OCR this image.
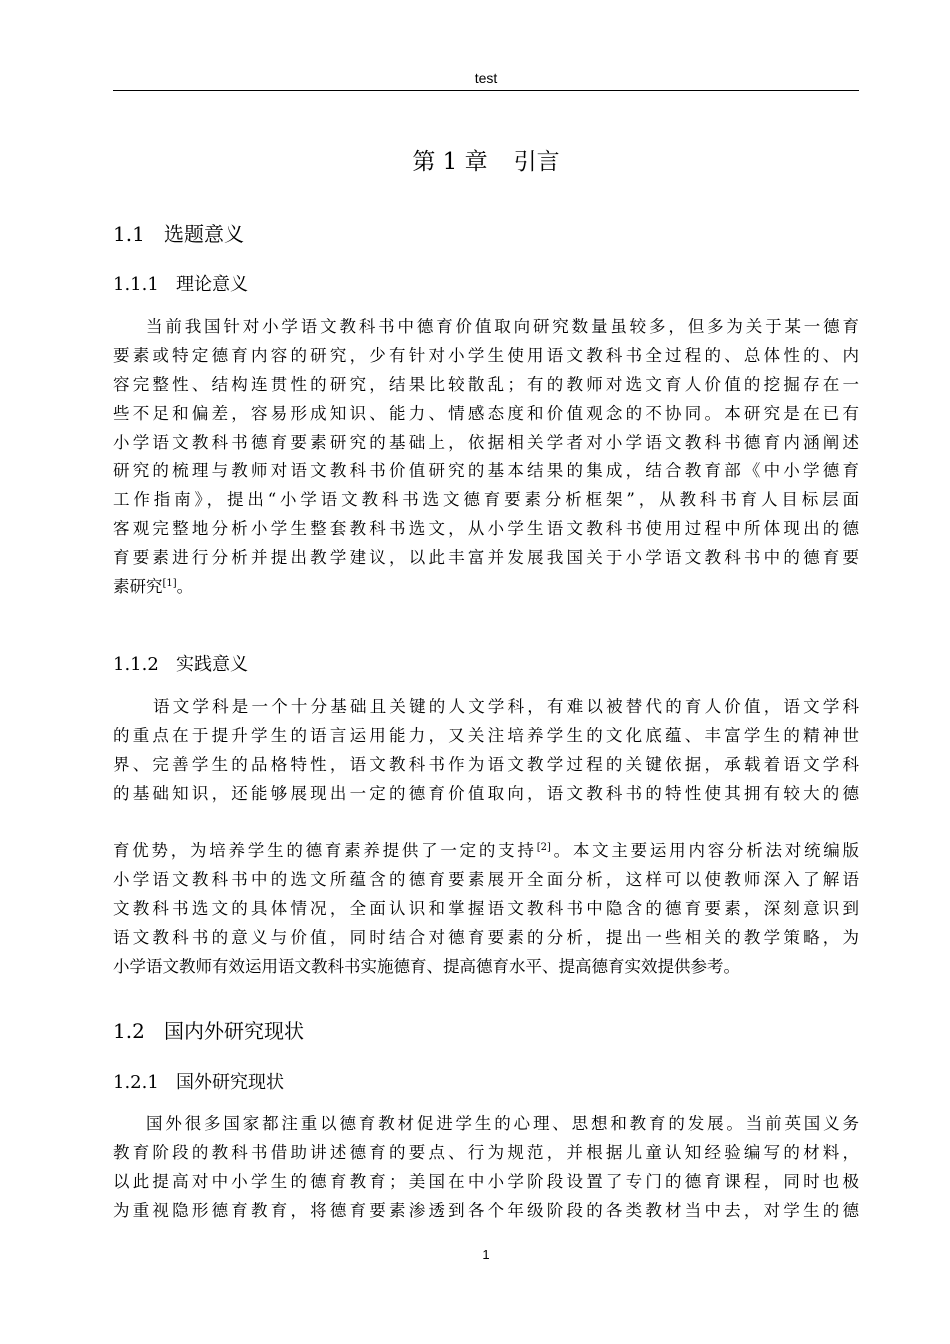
test
第 1 章 引言
1.1 选题意义
1.1.1 理论意义
当前我国针对小学语文教科书中德育价值取向研究数量虽较多，但多为关于某一德育
要素或特定德育内容的研究，少有针对小学生使用语文教科书全过程的、总体性的、内
容完整性、结构连贯性的研究，结果比较散乱；有的教师对选文育人价值的挖掘存在一
些不足和偏差，容易形成知识、能力、情感态度和价值观念的不协同。本研究是在已有
小学语文教科书德育要素研究的基础上，依据相关学者对小学语文教科书德育内涵阐述
研究的梳理与教师对语文教科书价值研究的基本结果的集成，结合教育部《中小学德育
工作指南》，提出“小学语文教科书选文德育要素分析框架”，从教科书育人目标层面
客观完整地分析小学生整套教科书选文，从小学生语文教科书使用过程中所体现出的德
育要素进行分析并提出教学建议，以此丰富并发展我国关于小学语文教科书中的德育要
素研究[1]。
1.1.2 实践意义
语文学科是一个十分基础且关键的人文学科，有难以被替代的育人价值，语文学科
的重点在于提升学生的语言运用能力，又关注培养学生的文化底蕴、丰富学生的精神世
界、完善学生的品格特性，语文教科书作为语文教学过程的关键依据，承载着语文学科
的基础知识，还能够展现出一定的德育价值取向，语文教科书的特性使其拥有较大的德
育优势，为培养学生的德育素养提供了一定的支持[2]。本文主要运用内容分析法对统编版
小学语文教科书中的选文所蕴含的德育要素展开全面分析，这样可以使教师深入了解语
文教科书选文的具体情况，全面认识和掌握语文教科书中隐含的德育要素，深刻意识到
语文教科书的意义与价值，同时结合对德育要素的分析，提出一些相关的教学策略，为
小学语文教师有效运用语文教科书实施德育、提高德育水平、提高德育实效提供参考。
1.2 国内外研究现状
1.2.1 国外研究现状
国外很多国家都注重以德育教材促进学生的心理、思想和教育的发展。当前英国义务
教育阶段的教科书借助讲述德育的要点、行为规范，并根据儿童认知经验编写的材料，
以此提高对中小学生的德育教育；美国在中小学阶段设置了专门的德育课程，同时也极
为重视隐形德育教育，将德育要素渗透到各个年级阶段的各类教材当中去，对学生的德
1
